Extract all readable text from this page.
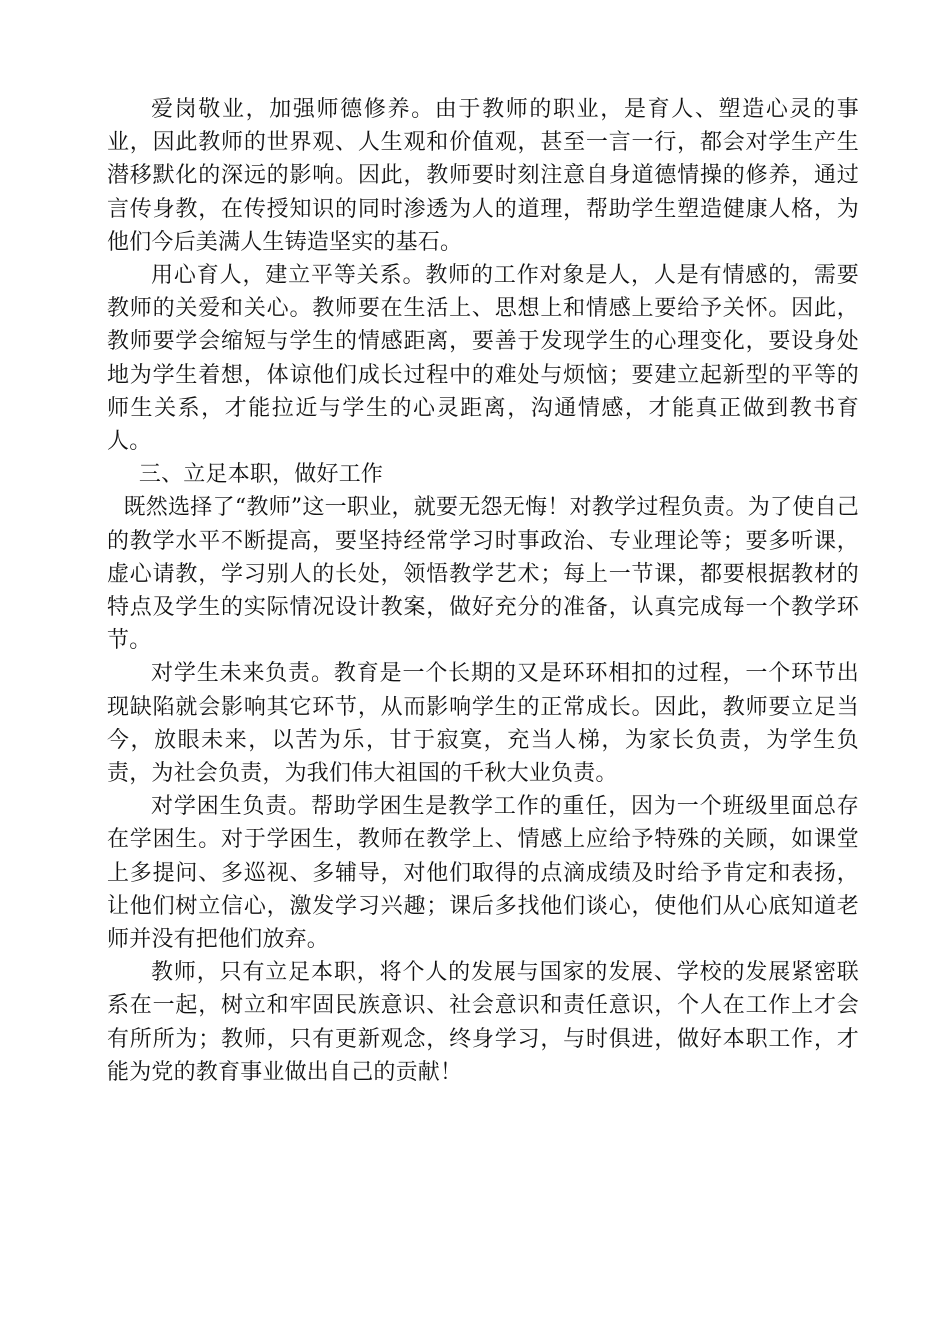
爱岗敬业，加强师德修养。由于教师的职业，是育人、塑造心灵的事业，因此教师的世界观、人生观和价值观，甚至一言一行，都会对学生产生潜移默化的深远的影响。因此，教师要时刻注意自身道德情操的修养，通过言传身教，在传授知识的同时渗透为人的道理，帮助学生塑造健康人格，为他们今后美满人生铸造坚实的基石。

用心育人，建立平等关系。教师的工作对象是人，人是有情感的，需要教师的关爱和关心。教师要在生活上、思想上和情感上要给予关怀。因此，教师要学会缩短与学生的情感距离，要善于发现学生的心理变化，要设身处地为学生着想，体谅他们成长过程中的难处与烦恼；要建立起新型的平等的师生关系，才能拉近与学生的心灵距离，沟通情感，才能真正做到教书育人。

三、立足本职，做好工作

既然选择了“教师”这一职业，就要无怨无悔！对教学过程负责。为了使自己的教学水平不断提高，要坚持经常学习时事政治、专业理论等；要多听课，虚心请教，学习别人的长处，领悟教学艺术；每上一节课，都要根据教材的特点及学生的实际情况设计教案，做好充分的准备，认真完成每一个教学环节。

对学生未来负责。教育是一个长期的又是环环相扣的过程，一个环节出现缺陷就会影响其它环节，从而影响学生的正常成长。因此，教师要立足当今，放眼未来，以苦为乐，甘于寂寞，充当人梯，为家长负责，为学生负责，为社会负责，为我们伟大祖国的千秋大业负责。

对学困生负责。帮助学困生是教学工作的重任，因为一个班级里面总存在学困生。对于学困生，教师在教学上、情感上应给予特殊的关顾，如课堂上多提问、多巡视、多辅导，对他们取得的点滴成绩及时给予肯定和表扬，让他们树立信心，激发学习兴趣；课后多找他们谈心，使他们从心底知道老师并没有把他们放弃。

教师，只有立足本职，将个人的发展与国家的发展、学校的发展紧密联系在一起，树立和牢固民族意识、社会意识和责任意识，个人在工作上才会有所所为；教师，只有更新观念，终身学习，与时俱进，做好本职工作，才能为党的教育事业做出自己的贡献！
